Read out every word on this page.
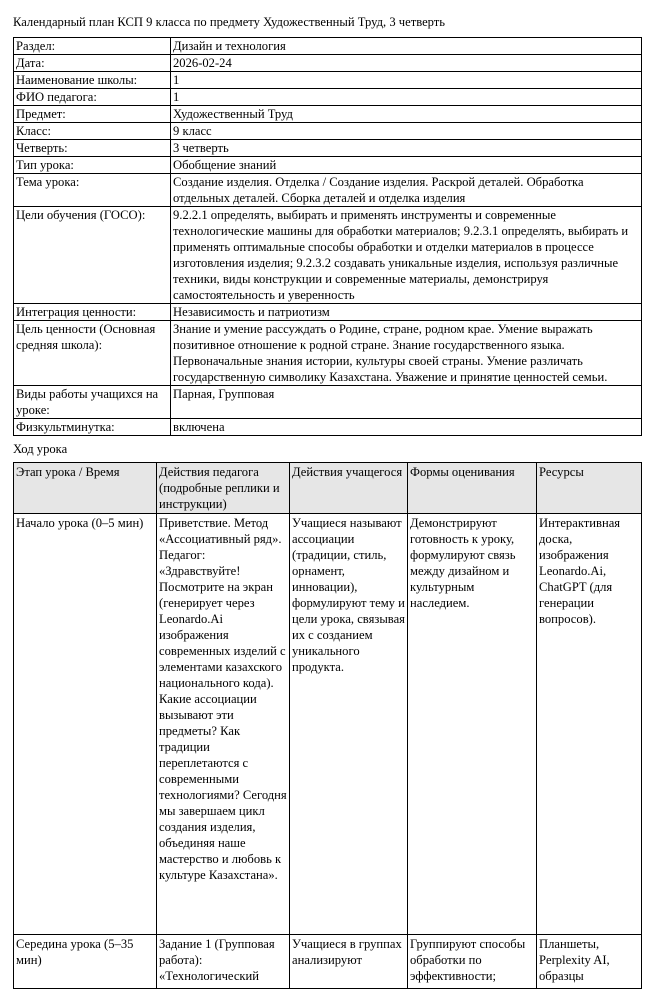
Календарный план КСП 9 класса по предмету Художественный Труд, 3 четверть
Раздел:	Дизайн и технология
Дата:	2026-02-24
Наименование школы:	1
ФИО педагога:	1
Предмет:	Художественный Труд
Класс:	9 класс
Четверть:	3 четверть
Тип урока:	Обобщение знаний
Тема урока:	Создание изделия. Отделка / Создание изделия. Раскрой деталей. Обработка отдельных деталей. Сборка деталей и отделка изделия
Цели обучения (ГОСО):	9.2.2.1 определять, выбирать и применять инструменты и современные технологические машины для обработки материалов; 9.2.3.1 определять, выбирать и применять оптимальные способы обработки и отделки материалов в процессе изготовления изделия; 9.2.3.2 создавать уникальные изделия, используя различные техники, виды конструкции и современные материалы, демонстрируя самостоятельность и уверенность
Интеграция ценности:	Независимость и патриотизм
Цель ценности (Основная средняя школа):	Знание и умение рассуждать о Родине, стране, родном крае. Умение выражать позитивное отношение к родной стране. Знание государственного языка. Первоначальные знания истории, культуры своей страны. Умение различать государственную символику Казахстана. Уважение и принятие ценностей семьи.
Виды работы учащихся на уроке:	Парная, Групповая
Физкультминутка:	включена
Ход урока
Этап урока / Время	Действия педагога (подробные реплики и инструкции)	Действия учащегося	Формы оценивания	Ресурсы
Начало урока (0–5 мин)	Приветствие. Метод «Ассоциативный ряд». Педагог: «Здравствуйте! Посмотрите на экран (генерирует через Leonardo.Ai изображения современных изделий с элементами казахского национального кода). Какие ассоциации вызывают эти предметы? Как традиции переплетаются с современными технологиями? Сегодня мы завершаем цикл создания изделия, объединяя наше мастерство и любовь к культуре Казахстана».	Учащиеся называют ассоциации (традиции, стиль, орнамент, инновации), формулируют тему и цели урока, связывая их с созданием уникального продукта.	Демонстрируют готовность к уроку, формулируют связь между дизайном и культурным наследием.	Интерактивная доска, изображения Leonardo.Ai, ChatGPT (для генерации вопросов).
Середина урока (5–35 мин)	Задание 1 (Групповая работа): «Технологический	Учащиеся в группах анализируют	Группируют способы обработки по эффективности;	Планшеты, Perplexity AI, образцы
